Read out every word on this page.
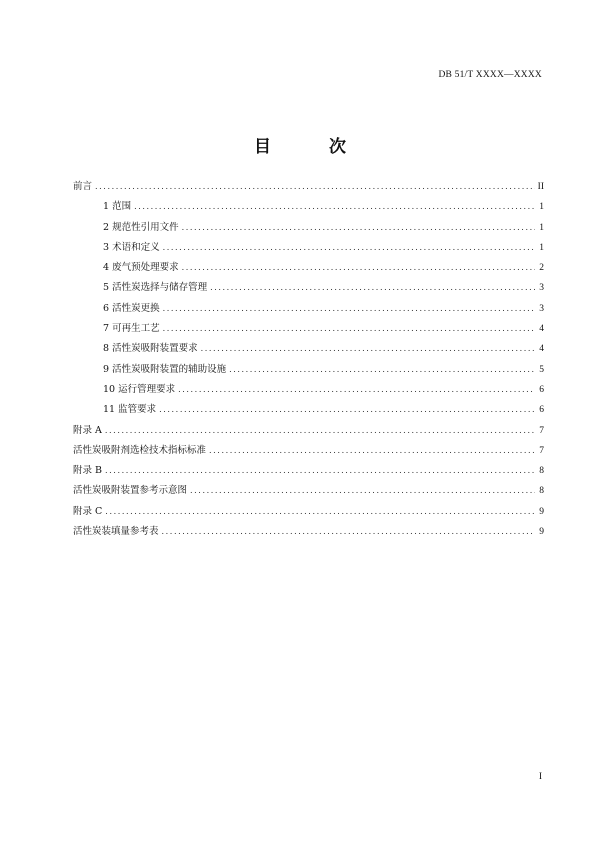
DB 51/T XXXX—XXXX
目 次
前言 .....	II
1 范围 .....	1
2 规范性引用文件 .....	1
3 术语和定义 .....	1
4 废气预处理要求 .....	2
5 活性炭选择与储存管理 .....	3
6 活性炭更换 .....	3
7 可再生工艺 .....	4
8 活性炭吸附装置要求 .....	4
9 活性炭吸附装置的辅助设施 .....	5
10 运行管理要求 .....	6
11 监管要求 .....	6
附录 A .....	7
活性炭吸附剂选检技术指标标准 .....	7
附录 B .....	8
活性炭吸附装置参考示意图 .....	8
附录 C .....	9
活性炭装填量参考表 .....	9
I
